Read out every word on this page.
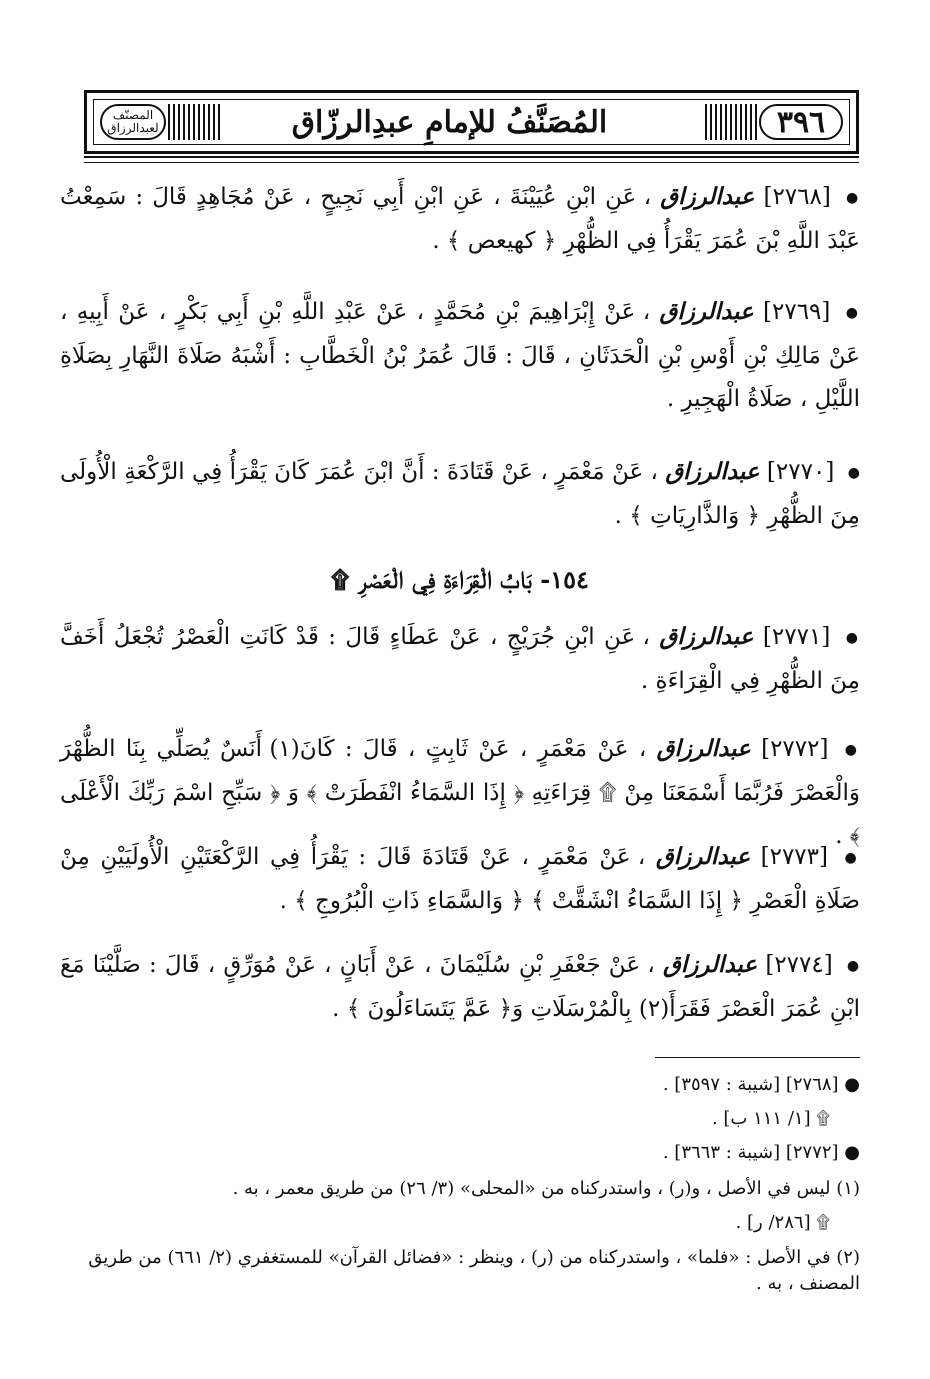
المصنّف لعبدالرزاق	المُصَنَّفُ للإمامِ عبدِالرزّاق	٣٩٦
● [٢٧٦٨] عبدالرزاق ، عَنِ ابْنِ عُيَيْنَةَ ، عَنِ ابْنِ أَبِي نَجِيحٍ ، عَنْ مُجَاهِدٍ قَالَ : سَمِعْتُ عَبْدَ اللَّهِ بْنَ عُمَرَ يَقْرَأُ فِي الظُّهْرِ ﴿ كهيعص ﴾ .
● [٢٧٦٩] عبدالرزاق ، عَنْ إِبْرَاهِيمَ بْنِ مُحَمَّدٍ ، عَنْ عَبْدِ اللَّهِ بْنِ أَبِي بَكْرٍ ، عَنْ أَبِيهِ ، عَنْ مَالِكِ بْنِ أَوْسِ بْنِ الْحَدَثَانِ ، قَالَ : قَالَ عُمَرُ بْنُ الْخَطَّابِ : أَشْبَهُ صَلَاةَ النَّهَارِ بِصَلَاةِ اللَّيْلِ ، صَلَاةُ الْهَجِيرِ .
● [٢٧٧٠] عبدالرزاق ، عَنْ مَعْمَرٍ ، عَنْ قَتَادَةَ : أَنَّ ابْنَ عُمَرَ كَانَ يَقْرَأُ فِي الرَّكْعَةِ الْأُولَى مِنَ الظُّهْرِ ﴿ وَالذَّارِيَاتِ ﴾ .
١٥٤- بَابُ الْقِرَاءَةِ فِي الْعَصْرِ ۩
● [٢٧٧١] عبدالرزاق ، عَنِ ابْنِ جُرَيْجٍ ، عَنْ عَطَاءٍ قَالَ : قَدْ كَانَتِ الْعَصْرُ تُجْعَلُ أَخَفَّ مِنَ الظُّهْرِ فِي الْقِرَاءَةِ .
● [٢٧٧٢] عبدالرزاق ، عَنْ مَعْمَرٍ ، عَنْ ثَابِتٍ ، قَالَ : كَانَ(١) أَنَسٌ يُصَلِّي بِنَا الظُّهْرَ وَالْعَصْرَ فَرُبَّمَا أَسْمَعَنَا مِنْ ۩ قِرَاءَتِهِ ﴿ إِذَا السَّمَاءُ انْفَطَرَتْ ﴾ وَ ﴿ سَبِّحِ اسْمَ رَبِّكَ الْأَعْلَى ﴾ .
● [٢٧٧٣] عبدالرزاق ، عَنْ مَعْمَرٍ ، عَنْ قَتَادَةَ قَالَ : يَقْرَأُ فِي الرَّكْعَتَيْنِ الْأُولَيَيْنِ مِنْ صَلَاةِ الْعَصْرِ ﴿ إِذَا السَّمَاءُ انْشَقَّتْ ﴾ ﴿ وَالسَّمَاءِ ذَاتِ الْبُرُوجِ ﴾ .
● [٢٧٧٤] عبدالرزاق ، عَنْ جَعْفَرِ بْنِ سُلَيْمَانَ ، عَنْ أَبَانٍ ، عَنْ مُوَرِّقٍ ، قَالَ : صَلَّيْنَا مَعَ ابْنِ عُمَرَ الْعَصْرَ فَقَرَأَ(٢) بِالْمُرْسَلَاتِ وَ﴿ عَمَّ يَتَسَاءَلُونَ ﴾ .
● [٢٧٦٨] [شيبة : ٣٥٩٧] .
۩ [١/ ١١١ ب] .
● [٢٧٧٢] [شيبة : ٣٦٦٣] .
(١) ليس في الأصل ، و(ر) ، واستدركناه من «المحلى» (٣/ ٢٦) من طريق معمر ، به .
۩ [٢٨٦/ ر] .
(٢) في الأصل : «فلما» ، واستدركناه من (ر) ، وينظر : «فضائل القرآن» للمستغفري (٢/ ٦٦١) من طريق المصنف ، به .
